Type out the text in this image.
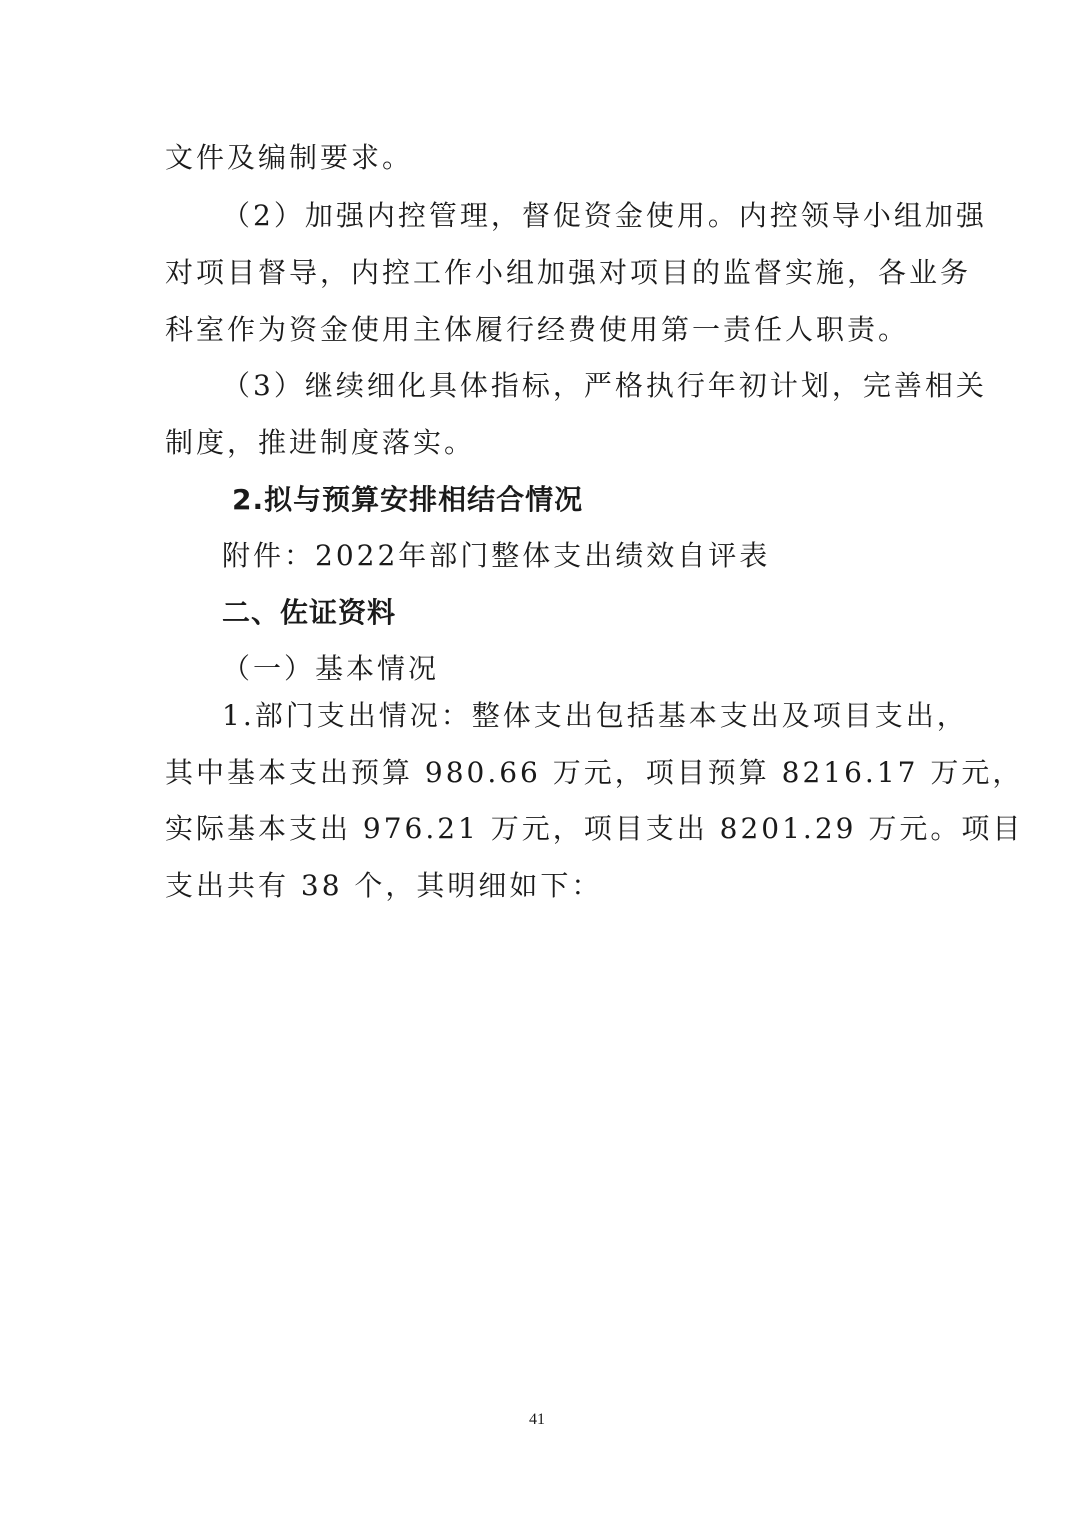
文件及编制要求。
（2）加强内控管理，督促资金使用。内控领导小组加强
对项目督导，内控工作小组加强对项目的监督实施，各业务
科室作为资金使用主体履行经费使用第一责任人职责。
（3）继续细化具体指标，严格执行年初计划，完善相关
制度，推进制度落实。
2.拟与预算安排相结合情况
附件：2022年部门整体支出绩效自评表
二、佐证资料
（一）基本情况
1.部门支出情况：整体支出包括基本支出及项目支出，
其中基本支出预算 980.66 万元，项目预算 8216.17 万元，
实际基本支出 976.21 万元，项目支出 8201.29 万元。项目
支出共有 38 个，其明细如下：
41
